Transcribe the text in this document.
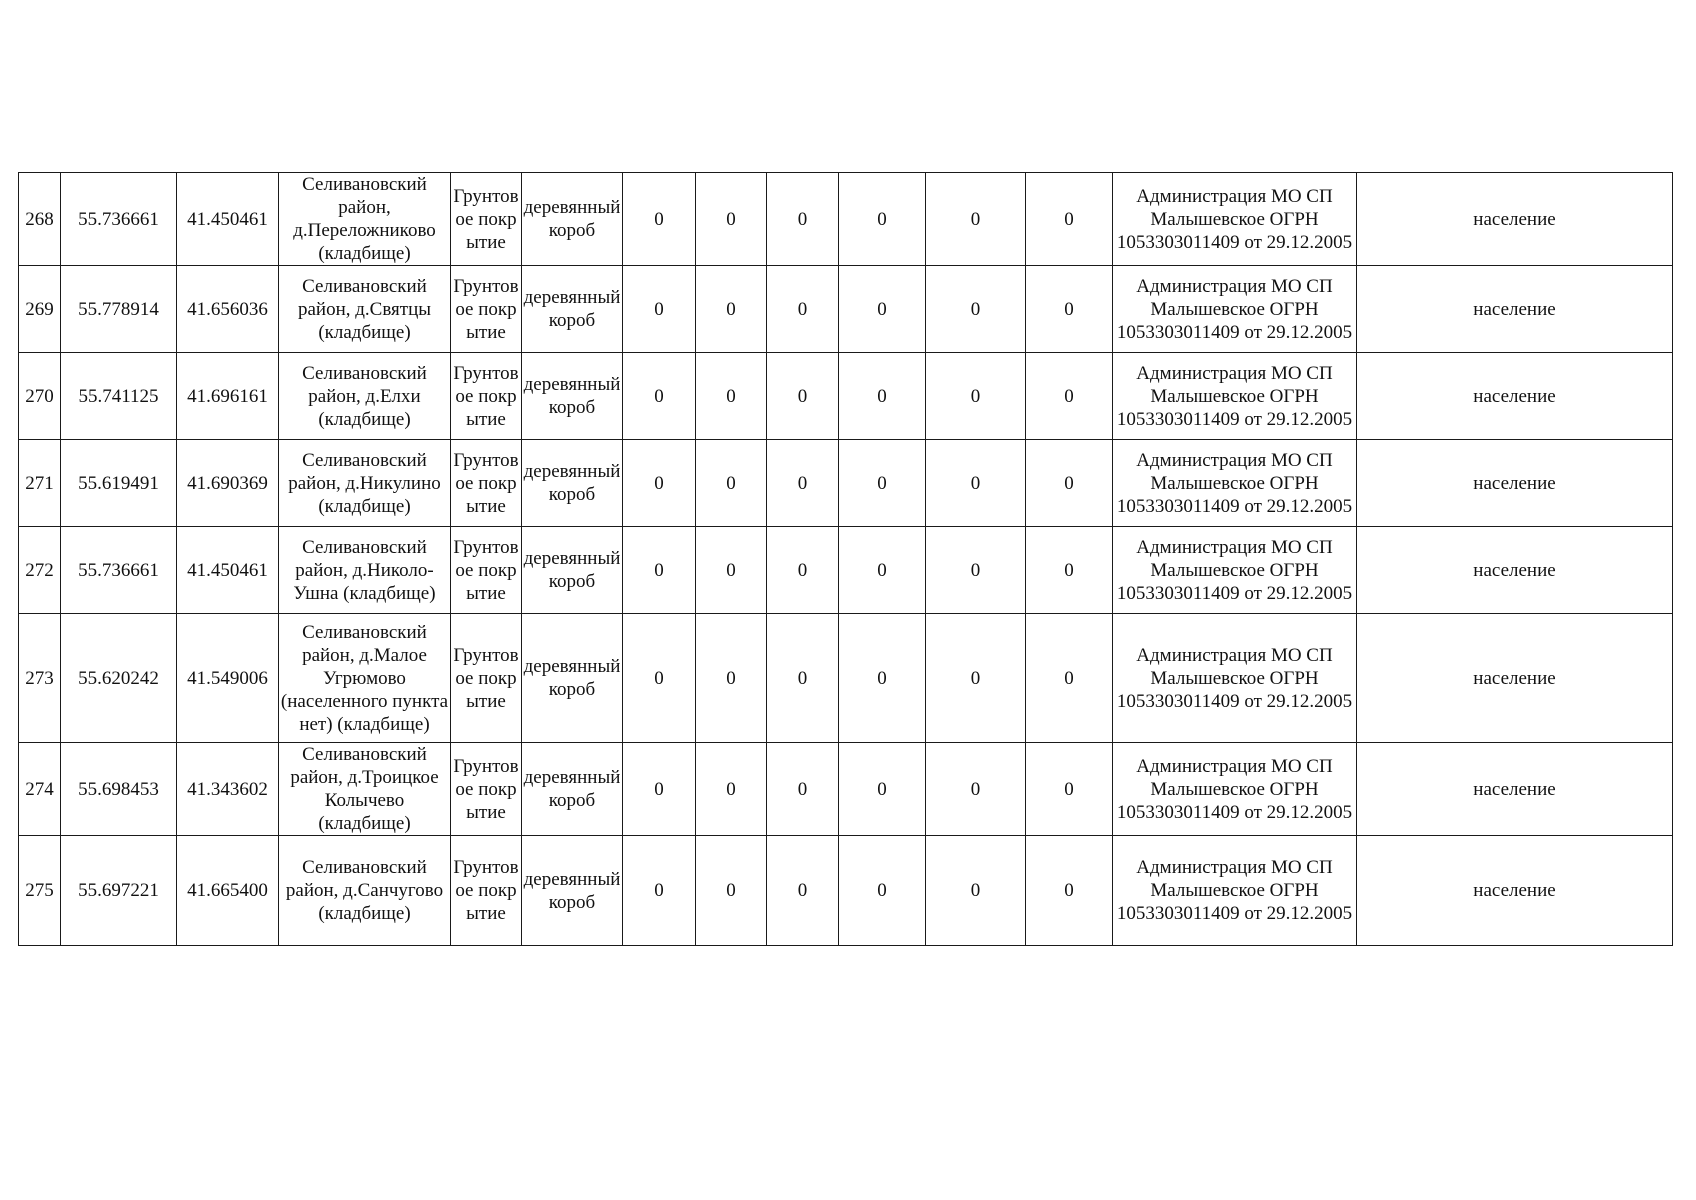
268	55.736661	41.450461	Селивановский район, д.Переложниково (кладбище)	Грунтовое покрытие	деревянный короб	0	0	0	0	0	0	Администрация МО СП Малышевское ОГРН 1053303011409 от 29.12.2005	население
269	55.778914	41.656036	Селивановский район, д.Святцы (кладбище)	Грунтовое покрытие	деревянный короб	0	0	0	0	0	0	Администрация МО СП Малышевское ОГРН 1053303011409 от 29.12.2005	население
270	55.741125	41.696161	Селивановский район, д.Елхи (кладбище)	Грунтовое покрытие	деревянный короб	0	0	0	0	0	0	Администрация МО СП Малышевское ОГРН 1053303011409 от 29.12.2005	население
271	55.619491	41.690369	Селивановский район, д.Никулино (кладбище)	Грунтовое покрытие	деревянный короб	0	0	0	0	0	0	Администрация МО СП Малышевское ОГРН 1053303011409 от 29.12.2005	население
272	55.736661	41.450461	Селивановский район, д.Николо-Ушна (кладбище)	Грунтовое покрытие	деревянный короб	0	0	0	0	0	0	Администрация МО СП Малышевское ОГРН 1053303011409 от 29.12.2005	население
273	55.620242	41.549006	Селивановский район, д.Малое Угрюмово (населенного пункта нет) (кладбище)	Грунтовое покрытие	деревянный короб	0	0	0	0	0	0	Администрация МО СП Малышевское ОГРН 1053303011409 от 29.12.2005	население
274	55.698453	41.343602	Селивановский район, д.Троицкое Колычево (кладбище)	Грунтовое покрытие	деревянный короб	0	0	0	0	0	0	Администрация МО СП Малышевское ОГРН 1053303011409 от 29.12.2005	население
275	55.697221	41.665400	Селивановский район, д.Санчугово (кладбище)	Грунтовое покрытие	деревянный короб	0	0	0	0	0	0	Администрация МО СП Малышевское ОГРН 1053303011409 от 29.12.2005	население
